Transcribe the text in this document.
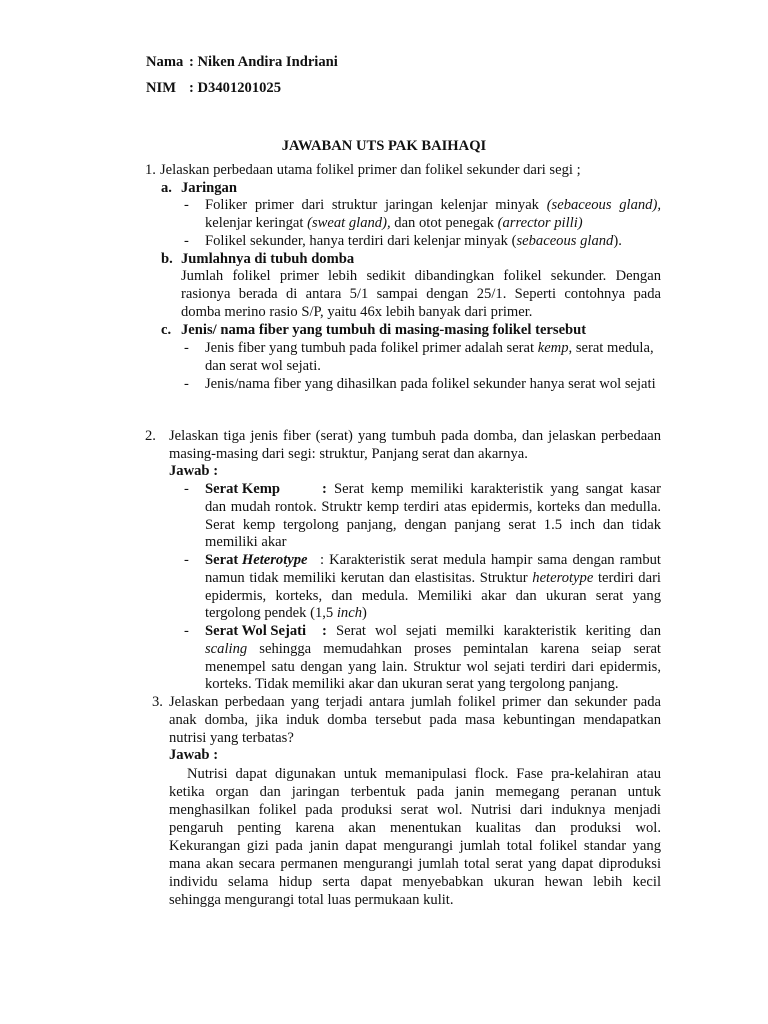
Nama : Niken Andira Indriani
NIM : D3401201025
JAWABAN UTS PAK BAIHAQI
1. Jelaskan perbedaan utama folikel primer dan folikel sekunder dari segi ;
a. Jaringan
- Foliker primer dari struktur jaringan kelenjar minyak (sebaceous gland),
kelenjar keringat (sweat gland), dan otot penegak (arrector pilli)
- Folikel sekunder, hanya terdiri dari kelenjar minyak (sebaceous gland).
b. Jumlahnya di tubuh domba
Jumlah folikel primer lebih sedikit dibandingkan folikel sekunder. Dengan
rasionya berada di antara 5/1 sampai dengan 25/1. Seperti contohnya pada
domba merino rasio S/P, yaitu 46x lebih banyak dari primer.
c. Jenis/ nama fiber yang tumbuh di masing-masing folikel tersebut
- Jenis fiber yang tumbuh pada folikel primer adalah serat kemp, serat medula,
dan serat wol sejati.
- Jenis/nama fiber yang dihasilkan pada folikel sekunder hanya serat wol sejati
2. Jelaskan tiga jenis fiber (serat) yang tumbuh pada domba, dan jelaskan perbedaan
masing-masing dari segi: struktur, Panjang serat dan akarnya.
Jawab :
- Serat Kemp	: Serat kemp memiliki karakteristik yang sangat kasar
dan mudah rontok. Struktr kemp terdiri atas epidermis, korteks dan medulla.
Serat kemp tergolong panjang, dengan panjang serat 1.5 inch dan tidak
memiliki akar
- Serat Heterotype : Karakteristik serat medula hampir sama dengan rambut
namun tidak memiliki kerutan dan elastisitas. Struktur heterotype terdiri dari
epidermis, korteks, dan medula. Memiliki akar dan ukuran serat yang
tergolong pendek (1,5 inch)
- Serat Wol Sejati : Serat wol sejati memilki karakteristik keriting dan
scaling sehingga memudahkan proses pemintalan karena seiap serat
menempel satu dengan yang lain. Struktur wol sejati terdiri dari epidermis,
korteks. Tidak memiliki akar dan ukuran serat yang tergolong panjang.
3. Jelaskan perbedaan yang terjadi antara jumlah folikel primer dan sekunder pada
anak domba, jika induk domba tersebut pada masa kebuntingan mendapatkan
nutrisi yang terbatas?
Jawab :
Nutrisi dapat digunakan untuk memanipulasi flock. Fase pra-kelahiran atau
ketika organ dan jaringan terbentuk pada janin memegang peranan untuk
menghasilkan folikel pada produksi serat wol. Nutrisi dari induknya menjadi
pengaruh penting karena akan menentukan kualitas dan produksi wol.
Kekurangan gizi pada janin dapat mengurangi jumlah total folikel standar yang
mana akan secara permanen mengurangi jumlah total serat yang dapat diproduksi
individu selama hidup serta dapat menyebabkan ukuran hewan lebih kecil
sehingga mengurangi total luas permukaan kulit.
